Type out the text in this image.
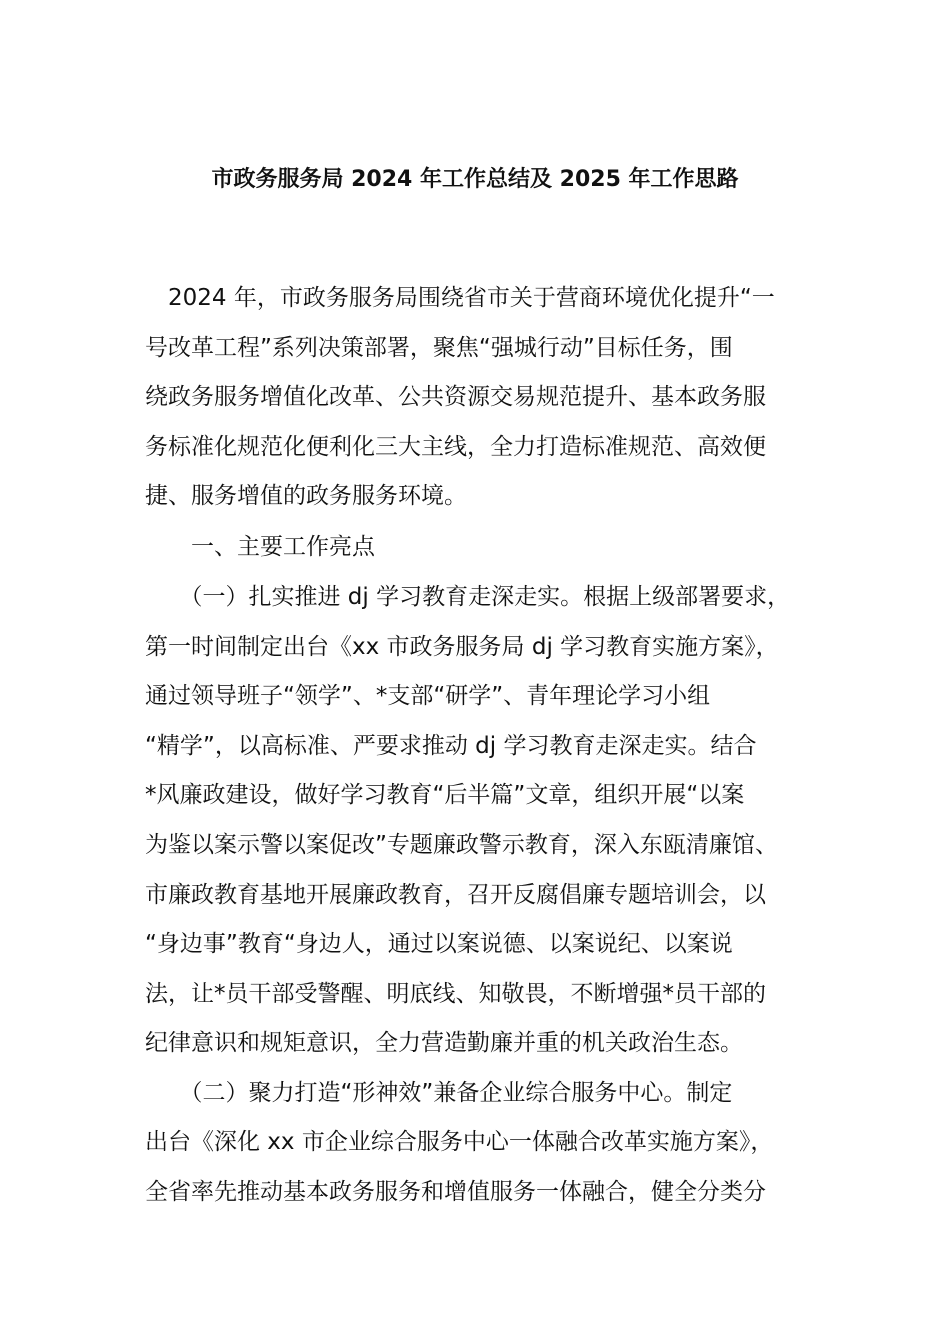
市政务服务局 2024 年工作总结及 2025 年工作思路
　2024 年，市政务服务局围绕省市关于营商环境优化提升“一
号改革工程”系列决策部署，聚焦“强城行动”目标任务，围
绕政务服务增值化改革、公共资源交易规范提升、基本政务服
务标准化规范化便利化三大主线，全力打造标准规范、高效便
捷、服务增值的政务服务环境。
　　一、主要工作亮点
　　（一）扎实推进 dj 学习教育走深走实。根据上级部署要求，
第一时间制定出台《xx 市政务服务局 dj 学习教育实施方案》，
通过领导班子“领学”、*支部“研学”、青年理论学习小组
“精学”，以高标准、严要求推动 dj 学习教育走深走实。结合
*风廉政建设，做好学习教育“后半篇”文章，组织开展“以案
为鉴以案示警以案促改”专题廉政警示教育，深入东瓯清廉馆、
市廉政教育基地开展廉政教育，召开反腐倡廉专题培训会，以
“身边事”教育“身边人，通过以案说德、以案说纪、以案说
法，让*员干部受警醒、明底线、知敬畏，不断增强*员干部的
纪律意识和规矩意识，全力营造勤廉并重的机关政治生态。
　　（二）聚力打造“形神效”兼备企业综合服务中心。制定
出台《深化 xx 市企业综合服务中心一体融合改革实施方案》，
全省率先推动基本政务服务和增值服务一体融合，健全分类分
